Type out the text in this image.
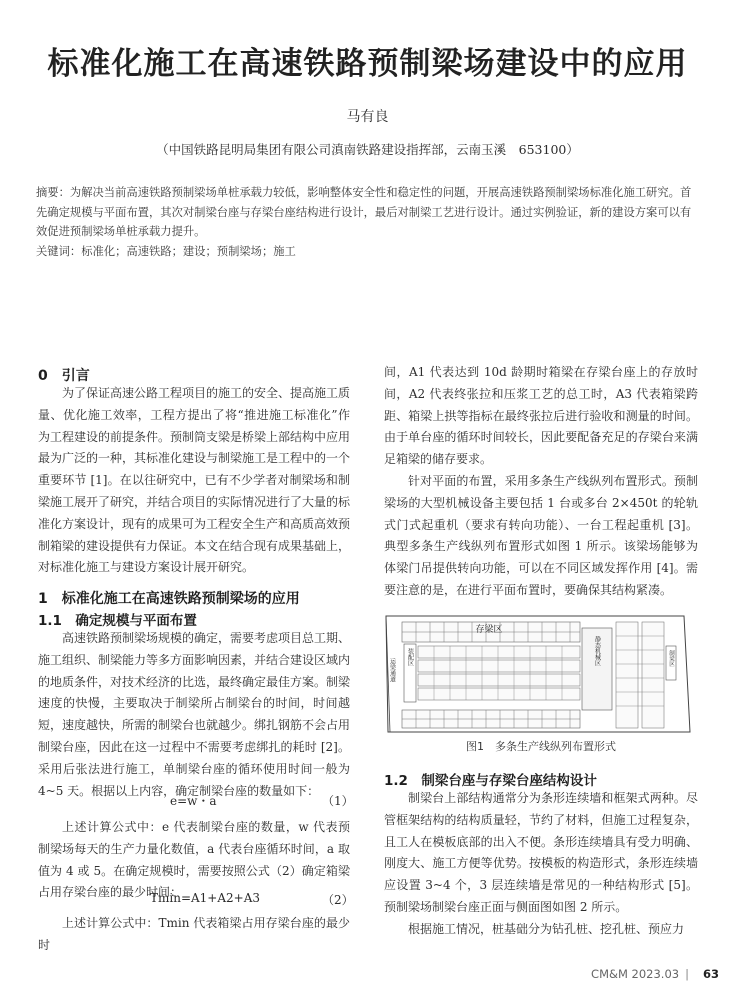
标准化施工在高速铁路预制梁场建设中的应用
马有良
（中国铁路昆明局集团有限公司滇南铁路建设指挥部，云南玉溪　653100）
摘要：为解决当前高速铁路预制梁场单桩承载力较低，影响整体安全性和稳定性的问题，开展高速铁路预制梁场标准化施工研究。首先确定规模与平面布置，其次对制梁台座与存梁台座结构进行设计，最后对制梁工艺进行设计。通过实例验证，新的建设方案可以有效促进预制梁场单桩承载力提升。
关键词：标准化；高速铁路；建设；预制梁场；施工
0　引言

为了保证高速公路工程项目的施工的安全、提高施工质量、优化施工效率，工程方提出了将“推进施工标准化”作为工程建设的前提条件。预制筒支梁是桥梁上部结构中应用最为广泛的一种，其标准化建设与制梁施工是工程中的一个重要环节 [1]。在以往研究中，已有不少学者对制梁场和制梁施工展开了研究，并结合项目的实际情况进行了大量的标准化方案设计，现有的成果可为工程安全生产和高质高效预制箱梁的建设提供有力保证。本文在结合现有成果基础上，对标准化施工与建设方案设计展开研究。

1　标准化施工在高速铁路预制梁场的应用
1.1　确定规模与平面布置

高速铁路预制梁场规模的确定，需要考虑项目总工期、施工组织、制梁能力等多方面影响因素，并结合建设区域内的地质条件，对技术经济的比选，最终确定最佳方案。制梁速度的快慢，主要取决于制梁所占制梁台的时间，时间越短，速度越快，所需的制梁台也就越少。绑扎钢筋不会占用制梁台座，因此在这一过程中不需要考虑绑扎的耗时 [2]。采用后张法进行施工，单制梁台座的循环使用时间一般为 4~5 天。根据以上内容，确定制梁台座的数量如下：

e=w・a	（1）

上述计算公式中：e 代表制梁台座的数量，w 代表预制梁场每天的生产力量化数值，a 代表台座循环时间，a 取值为 4 或 5。在确定规模时，需要按照公式（2）确定箱梁占用存梁台座的最少时间：

Tmin=A1+A2+A3	（2）

上述计算公式中：Tmin 代表箱梁占用存梁台座的最少时

间，A1 代表达到 10d 龄期时箱梁在存梁台座上的存放时间，A2 代表终张拉和压浆工艺的总工时，A3 代表箱梁跨距、箱梁上拱等指标在最终张拉后进行验收和测量的时间。由于单台座的循环时间较长，因此要配备充足的存梁台来满足箱梁的储存要求。

针对平面的布置，采用多条生产线纵列布置形式。预制梁场的大型机械设备主要包括 1 台或多台 2×450t 的轮轨式门式起重机（要求有转向功能）、一台工程起重机 [3]。典型多条生产线纵列布置形式如图 1 所示。该梁场能够为体梁门吊提供转向功能，可以在不同区域发挥作用 [4]。需要注意的是，在进行平面布置时，要确保其结构紧凑。

存梁区
运梁通道
装配区	静态机械区	制梁区
图1　多条生产线纵列布置形式
1.2　制梁台座与存梁台座结构设计

制梁台上部结构通常分为条形连续墙和框架式两种。尽管框架结构的结构质量轻，节约了材料，但施工过程复杂，且工人在模板底部的出入不便。条形连续墙具有受力明确、刚度大、施工方便等优势。按模板的构造形式，条形连续墙应设置 3~4 个，3 层连续墙是常见的一种结构形式 [5]。预制梁场制梁台座正面与侧面图如图 2 所示。

根据施工情况，桩基础分为钻孔桩、挖孔桩、预应力

CM&M 2023.03 | 63
